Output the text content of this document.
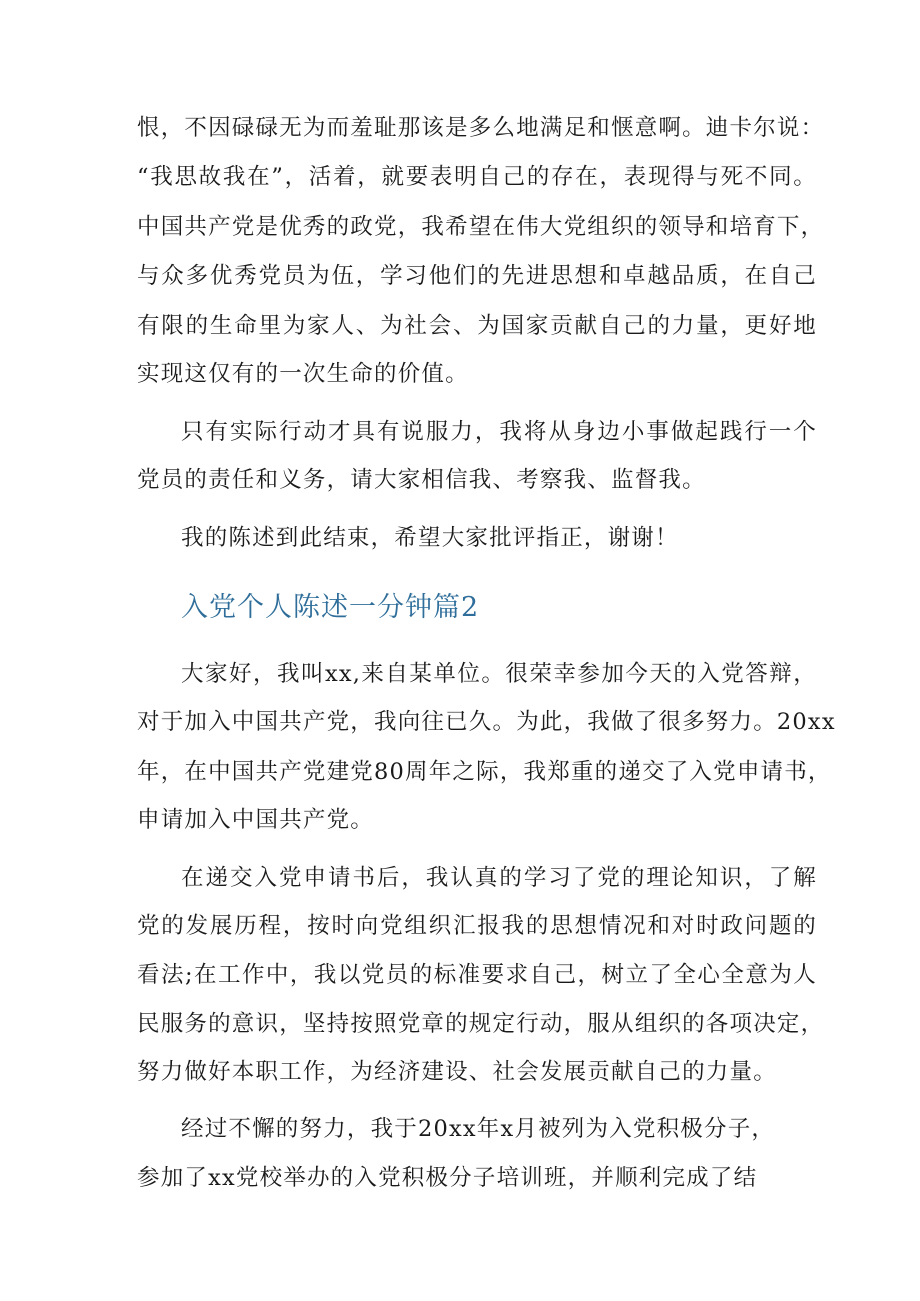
恨，不因碌碌无为而羞耻那该是多么地满足和惬意啊。迪卡尔说：
“我思故我在”，活着，就要表明自己的存在，表现得与死不同。
中国共产党是优秀的政党，我希望在伟大党组织的领导和培育下，
与众多优秀党员为伍，学习他们的先进思想和卓越品质，在自己
有限的生命里为家人、为社会、为国家贡献自己的力量，更好地
实现这仅有的一次生命的价值。
只有实际行动才具有说服力，我将从身边小事做起践行一个
党员的责任和义务，请大家相信我、考察我、监督我。
我的陈述到此结束，希望大家批评指正，谢谢！
入党个人陈述一分钟篇2
大家好，我叫xx,来自某单位。很荣幸参加今天的入党答辩，
对于加入中国共产党，我向往已久。为此，我做了很多努力。20xx
年，在中国共产党建党80周年之际，我郑重的递交了入党申请书，
申请加入中国共产党。
在递交入党申请书后，我认真的学习了党的理论知识，了解
党的发展历程，按时向党组织汇报我的思想情况和对时政问题的
看法;在工作中，我以党员的标准要求自己，树立了全心全意为人
民服务的意识，坚持按照党章的规定行动，服从组织的各项决定，
努力做好本职工作，为经济建设、社会发展贡献自己的力量。
经过不懈的努力，我于20xx年x月被列为入党积极分子，
参加了xx党校举办的入党积极分子培训班，并顺利完成了结
